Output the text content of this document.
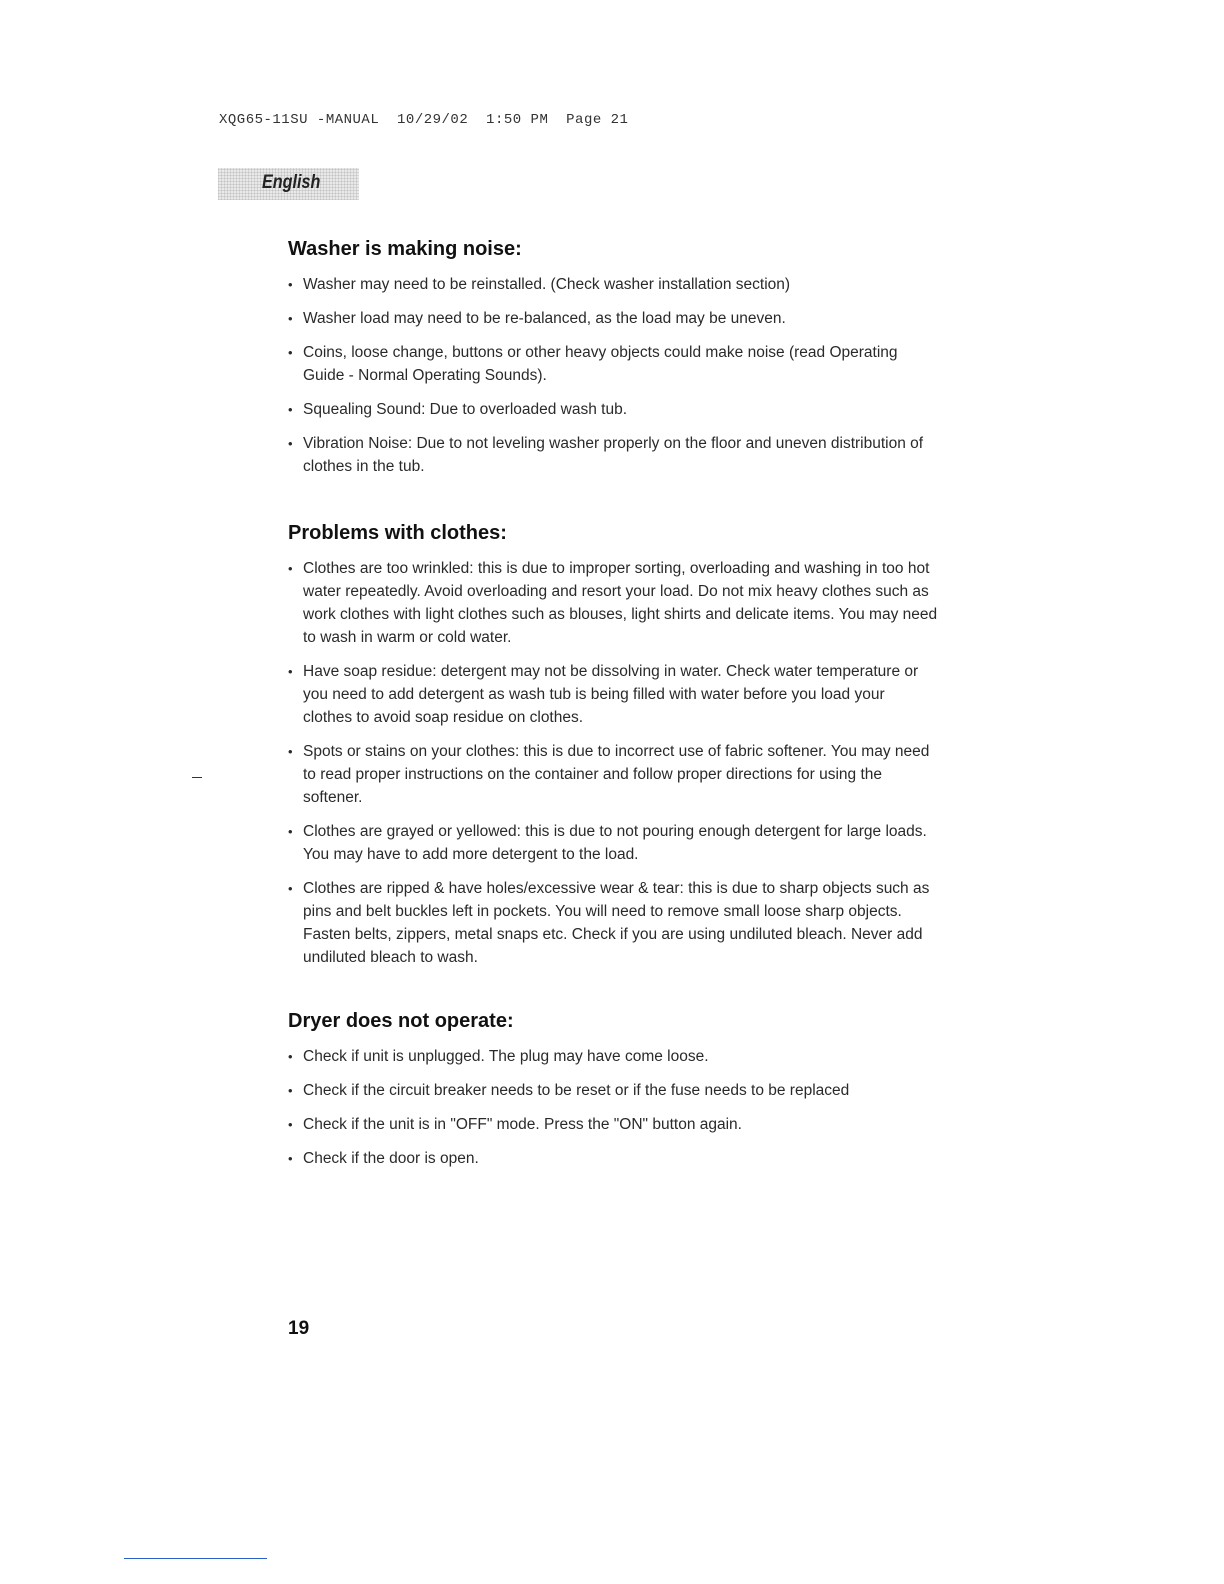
XQG65-11SU -MANUAL  10/29/02  1:50 PM  Page 21
English
Washer is making noise:
• Washer may need to be reinstalled. (Check washer installation section)
• Washer load may need to be re-balanced, as the load may be uneven.
• Coins, loose change, buttons or other heavy objects could make noise (read Operating Guide - Normal Operating Sounds).
• Squealing Sound: Due to overloaded wash tub.
• Vibration Noise: Due to not leveling washer properly on the floor and uneven distribution of clothes in the tub.
Problems with clothes:
• Clothes are too wrinkled: this is due to improper sorting, overloading and washing in too hot water repeatedly. Avoid overloading and resort your load. Do not mix heavy clothes such as work clothes with light clothes such as blouses, light shirts and delicate items. You may need to wash in warm or cold water.
• Have soap residue: detergent may not be dissolving in water. Check water temperature or you need to add detergent as wash tub is being filled with water before you load your clothes to avoid soap residue on clothes.
• Spots or stains on your clothes: this is due to incorrect use of fabric softener. You may need to read proper instructions on the container and follow proper directions for using the softener.
• Clothes are grayed or yellowed: this is due to not pouring enough detergent for large loads. You may have to add more detergent to the load.
• Clothes are ripped & have holes/excessive wear & tear: this is due to sharp objects such as pins and belt buckles left in pockets. You will need to remove small loose sharp objects. Fasten belts, zippers, metal snaps etc. Check if you are using undiluted bleach. Never add undiluted bleach to wash.
Dryer does not operate:
• Check if unit is unplugged. The plug may have come loose.
• Check if the circuit breaker needs to be reset or if the fuse needs to be replaced
• Check if the unit is in "OFF" mode. Press the "ON" button again.
• Check if the door is open.
19
